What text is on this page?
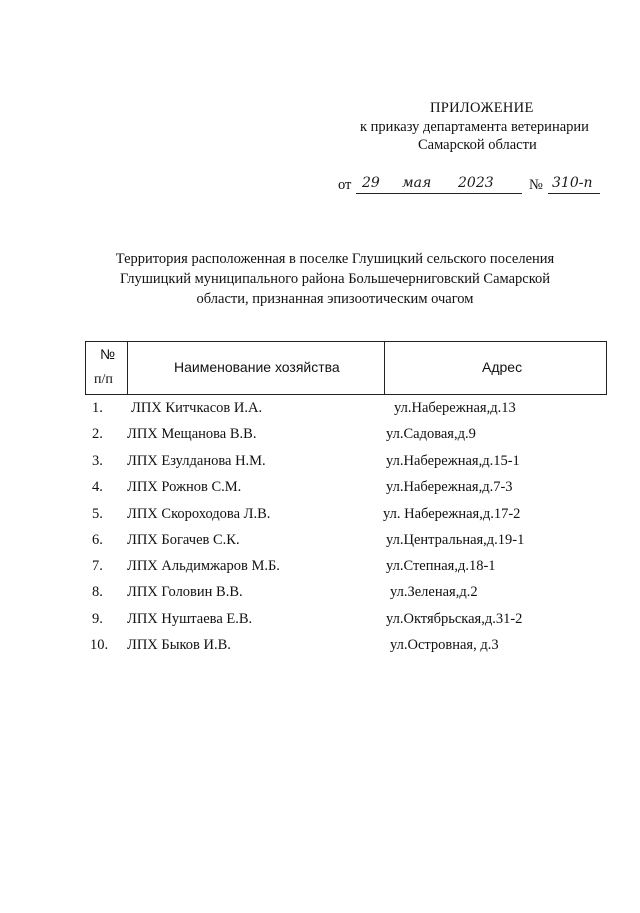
ПРИЛОЖЕНИЕ
к приказу департамента ветеринарии
Самарской области
от 29 мая 2023 № 310-п
Территория расположенная в поселке Глушицкий сельского поселения Глушицкий муниципального района Большечерниговский Самарской области, признанная эпизоотическим очагом
№
п/п
Наименование хозяйства	Адрес
1. ЛПХ Китчкасов И.А.	ул.Набережная,д.13
2. ЛПХ Мещанова В.В.	ул.Садовая,д.9
3. ЛПХ Езулданова Н.М.	ул.Набережная,д.15-1
4. ЛПХ Рожнов С.М.	ул.Набережная,д.7-3
5. ЛПХ Скороходова Л.В.	ул. Набережная,д.17-2
6. ЛПХ Богачев С.К.	ул.Центральная,д.19-1
7. ЛПХ Альдимжаров М.Б.	ул.Степная,д.18-1
8. ЛПХ Головин В.В.	ул.Зеленая,д.2
9. ЛПХ Нуштаева Е.В.	ул.Октябрьская,д.31-2
10. ЛПХ Быков И.В.	ул.Островная, д.3
